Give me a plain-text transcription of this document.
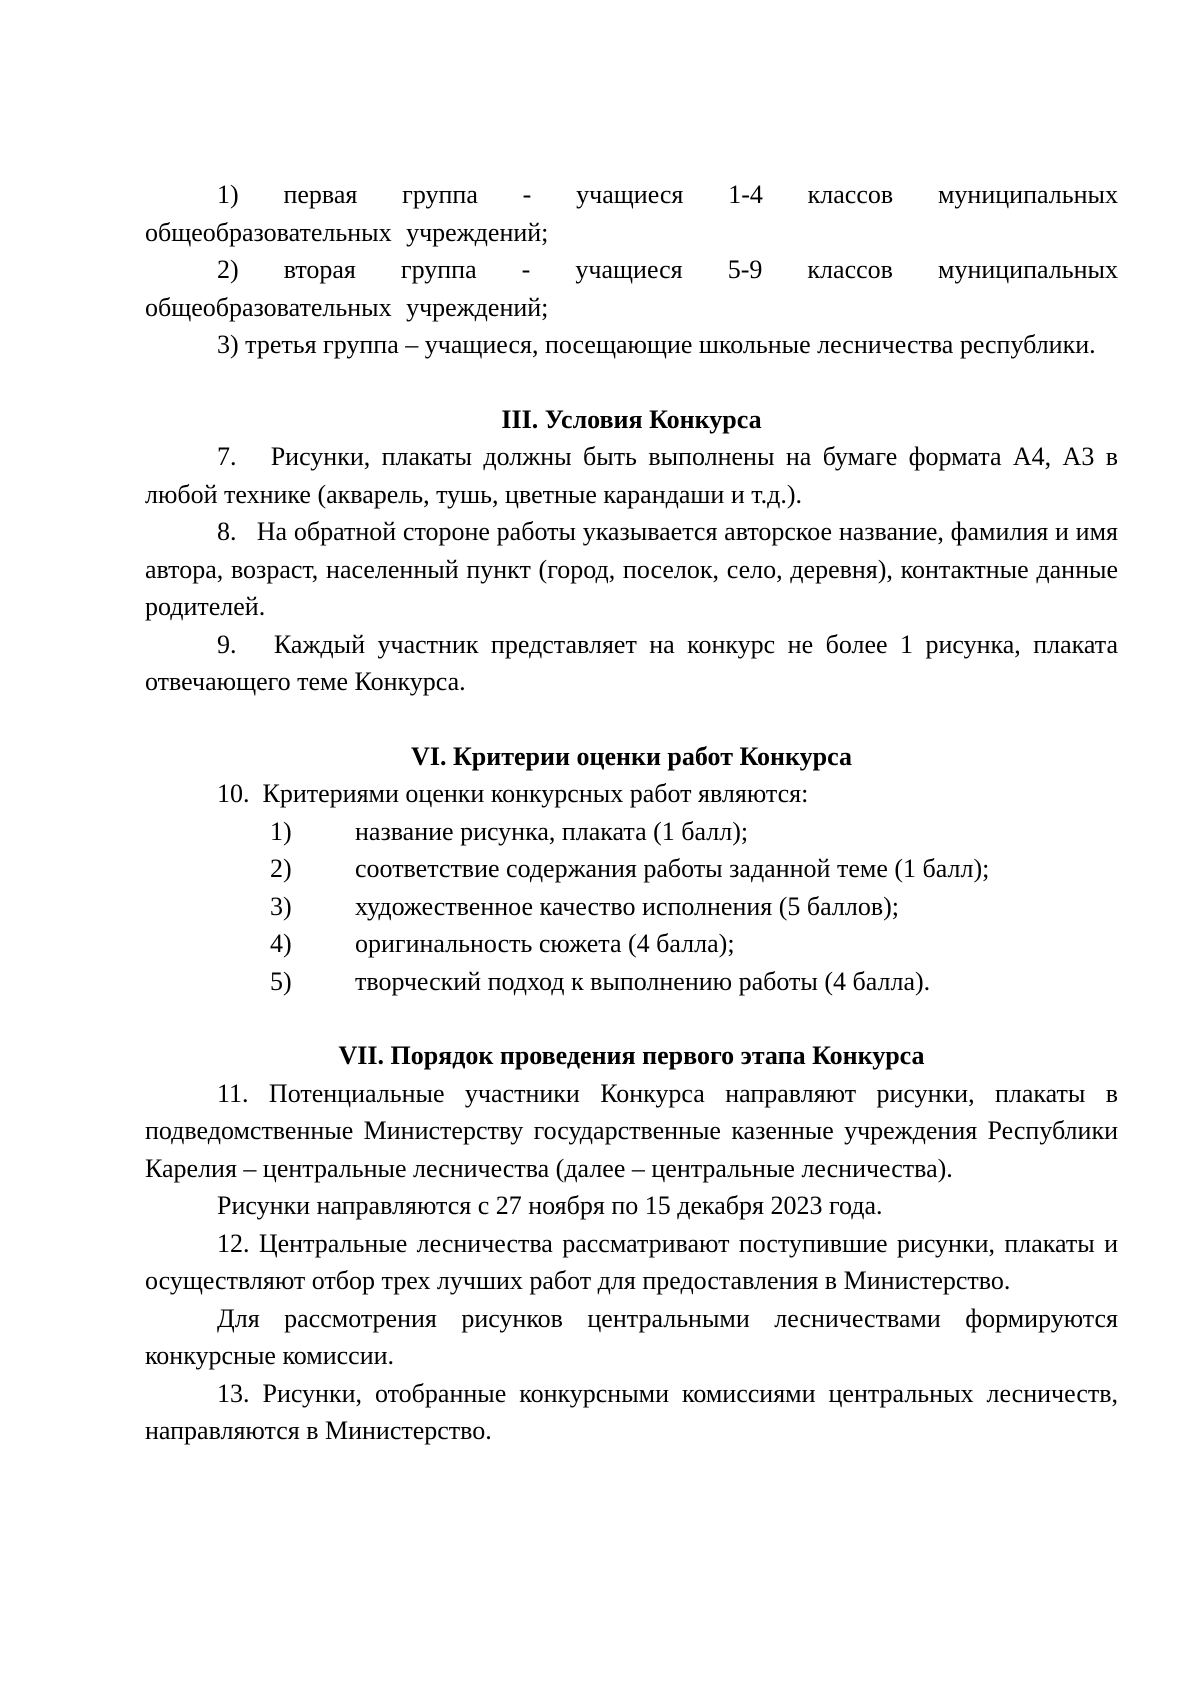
1) первая группа - учащиеся 1-4 классов муниципальных общеобразовательных учреждений;

2) вторая группа - учащиеся 5-9 классов муниципальных общеобразовательных учреждений;

3) третья группа – учащиеся, посещающие школьные лесничества республики.

III. Условия Конкурса

7. Рисунки, плакаты должны быть выполнены на бумаге формата А4, А3 в любой технике (акварель, тушь, цветные карандаши и т.д.).

8. На обратной стороне работы указывается авторское название, фамилия и имя автора, возраст, населенный пункт (город, поселок, село, деревня), контактные данные родителей.

9. Каждый участник представляет на конкурс не более 1 рисунка, плаката отвечающего теме Конкурса.

VI. Критерии оценки работ Конкурса

10. Критериями оценки конкурсных работ являются:

1)	название рисунка, плаката (1 балл);
2)	соответствие содержания работы заданной теме (1 балл);
3)	художественное качество исполнения (5 баллов);
4)	оригинальность сюжета (4 балла);
5)	творческий подход к выполнению работы (4 балла).

VII. Порядок проведения первого этапа Конкурса

11. Потенциальные участники Конкурса направляют рисунки, плакаты в подведомственные Министерству государственные казенные учреждения Республики Карелия – центральные лесничества (далее – центральные лесничества).

Рисунки направляются с 27 ноября по 15 декабря 2023 года.

12. Центральные лесничества рассматривают поступившие рисунки, плакаты и осуществляют отбор трех лучших работ для предоставления в Министерство.

Для рассмотрения рисунков центральными лесничествами формируются конкурсные комиссии.

13. Рисунки, отобранные конкурсными комиссиями центральных лесничеств, направляются в Министерство.
